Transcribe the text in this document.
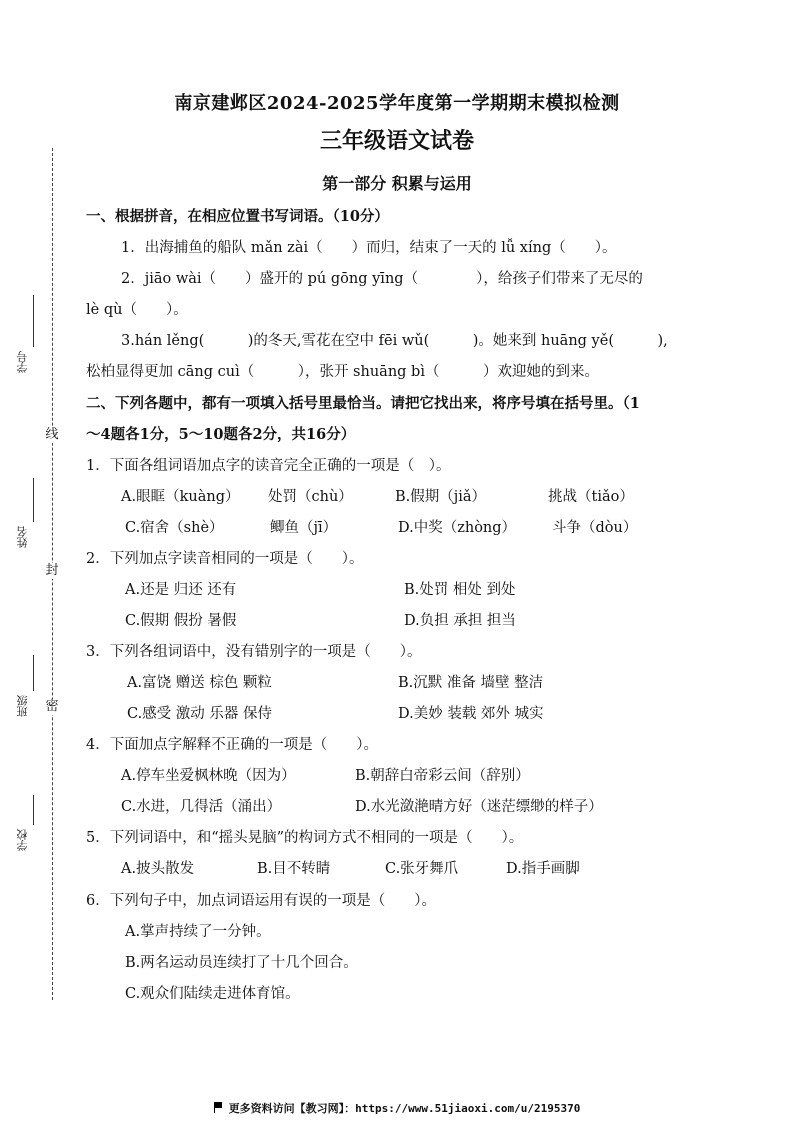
线
封
密
学号
姓名
班级
学校
南京建邺区2024-2025学年度第一学期期末模拟检测
三年级语文试卷
第一部分 积累与运用
一、根据拼音，在相应位置书写词语。（10分）
1．出海捕鱼的船队 mǎn zài（　　）而归，结束了一天的 lǚ xíng（　　）。
2．jiāo wài（　　）盛开的 pú gōng yīng（　　　　），给孩子们带来了无尽的
lè qù（　　）。
3.hán lěng(　　　)的冬天,雪花在空中 fēi wǔ(　　　)。她来到 huāng yě(　　　),
松柏显得更加 cāng cuì（　　　），张开 shuāng bì（　　　）欢迎她的到来。
二、下列各题中，都有一项填入括号里最恰当。请把它找出来，将序号填在括号里。（1
～4题各1分，5～10题各2分，共16分）
1．下面各组词语加点字的读音完全正确的一项是（　）。
A.眼眶（kuàng） 处罚（chù）	B.假期（jiǎ）	挑战（tiǎo）
C.宿舍（shè）	鲫鱼（jī）	D.中奖（zhòng） 斗争（dòu）
2．下列加点字读音相同的一项是（　　）。
A.还是 归还 还有	B.处罚 相处 到处
C.假期 假扮 暑假	D.负担 承担 担当
3．下列各组词语中，没有错别字的一项是（　　）。
A.富饶 赠送 棕色 颗粒	B.沉默 准备 墙壁 整洁
C.感受 激动 乐器 保侍	D.美妙 装载 郊外 城实
4．下面加点字解释不正确的一项是（　　）。
A.停车坐爱枫林晚（因为）	B.朝辞白帝彩云间（辞别）
C.水进，几得活（涌出）	D.水光潋滟晴方好（迷茫缥缈的样子）
5．下列词语中，和“摇头晃脑”的构词方式不相同的一项是（　　）。
A.披头散发	B.目不转睛	C.张牙舞爪	D.指手画脚
6．下列句子中，加点词语运用有误的一项是（　　）。
A.掌声持续了一分钟。
B.两名运动员连续打了十几个回合。
C.观众们陆续走进体育馆。
更多资料访问【教习网】：https://www.51jiaoxi.com/u/2195370
